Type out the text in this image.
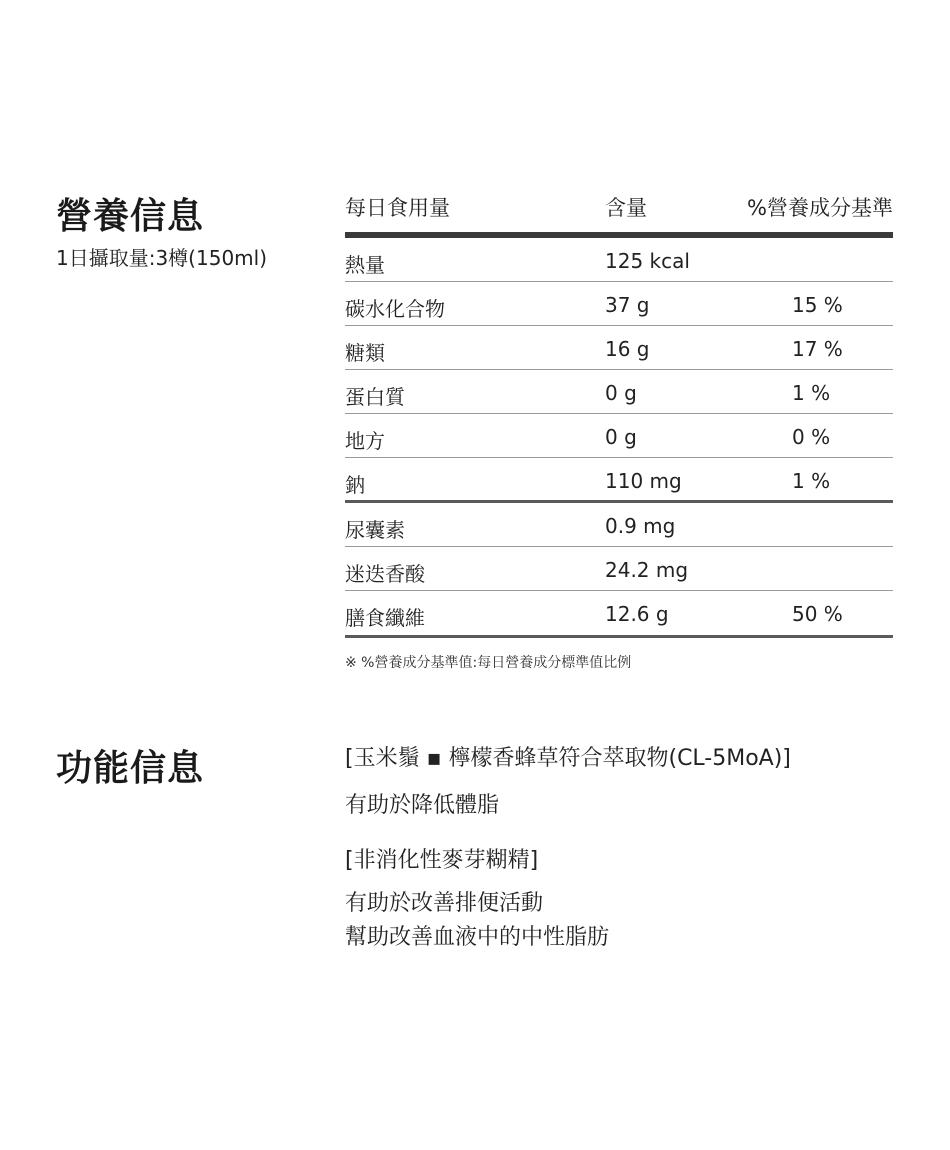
營養信息
1日攝取量:3樽(150ml)
每日食用量	含量	%營養成分基準
熱量	125 kcal
碳水化合物	37 g	15 %
糖類	16 g	17 %
蛋白質	0 g	1 %
地方	0 g	0 %
鈉	110 mg	1 %
尿囊素	0.9 mg
迷迭香酸	24.2 mg
膳食纖維	12.6 g	50 %
※ %營養成分基準值:每日營養成分標準值比例
功能信息	[玉米鬚 ▪ 檸檬香蜂草符合萃取物(CL-5MoA)]
有助於降低體脂
[非消化性麥芽糊精]
有助於改善排便活動
幫助改善血液中的中性脂肪
